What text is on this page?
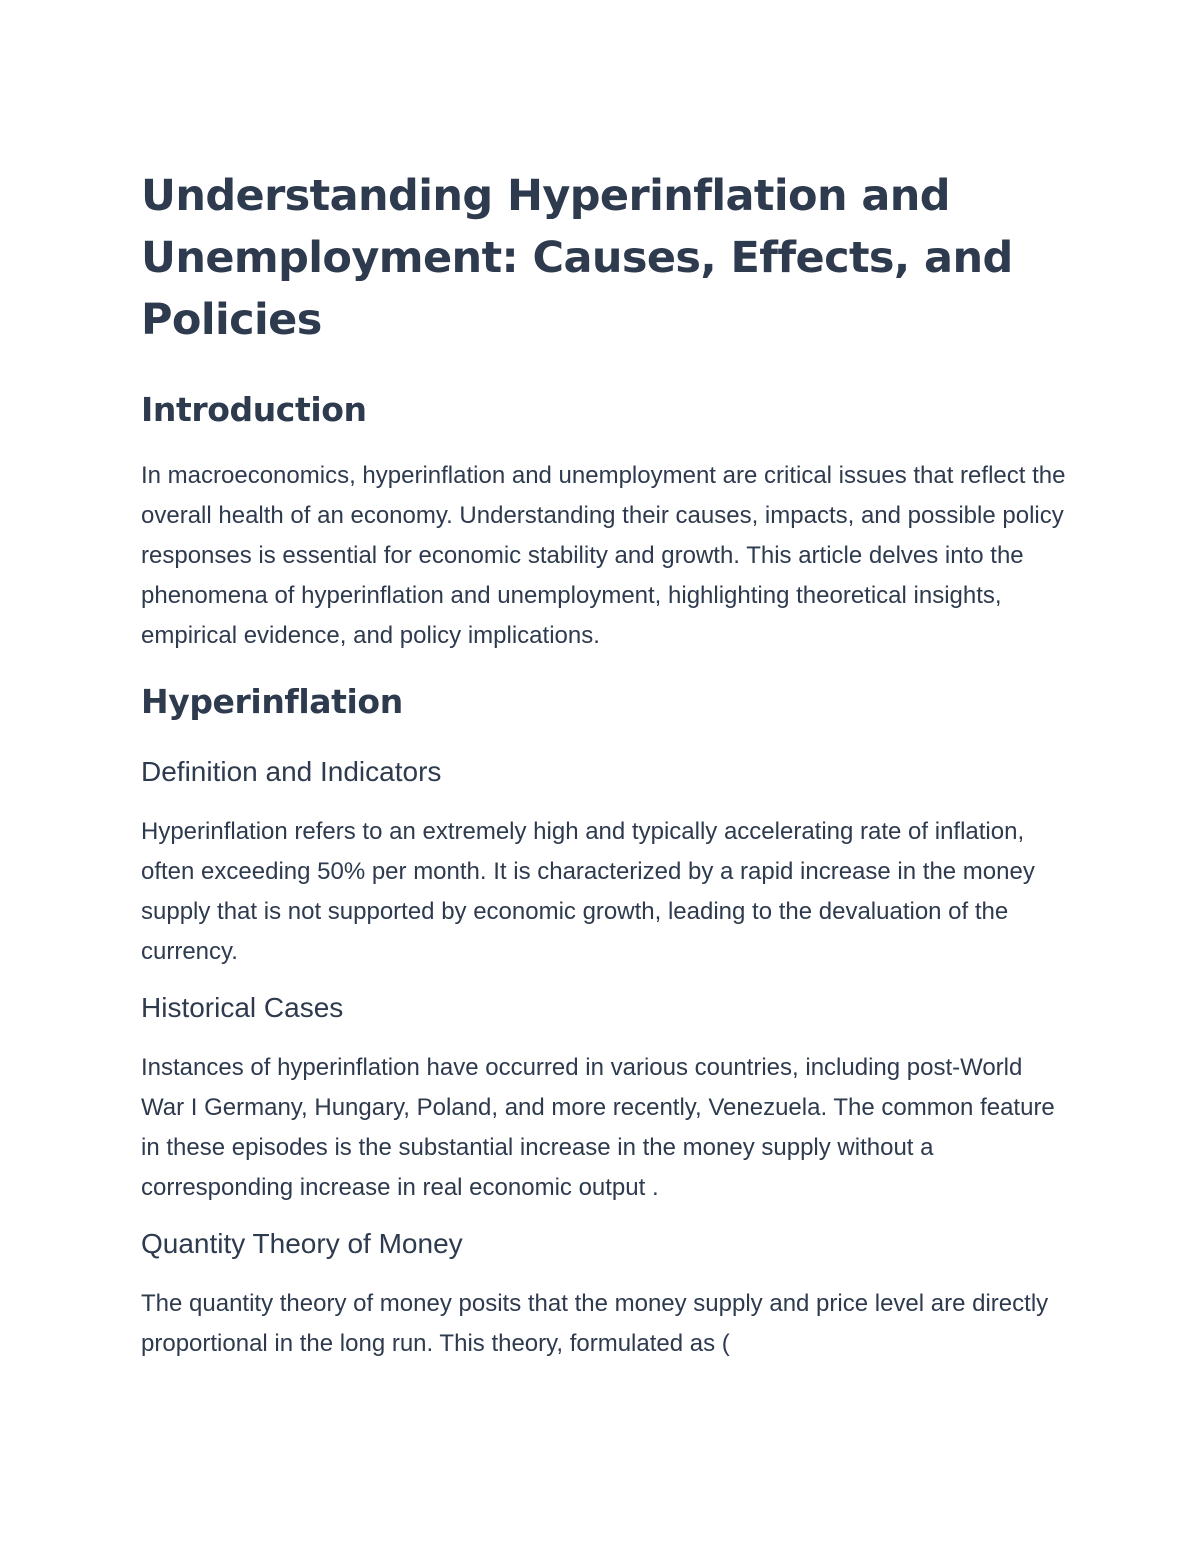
Understanding Hyperinflation and Unemployment: Causes, Effects, and Policies
Introduction

In macroeconomics, hyperinflation and unemployment are critical issues that reflect the overall health of an economy. Understanding their causes, impacts, and possible policy responses is essential for economic stability and growth. This article delves into the phenomena of hyperinflation and unemployment, highlighting theoretical insights, empirical evidence, and policy implications.

Hyperinflation
Definition and Indicators

Hyperinflation refers to an extremely high and typically accelerating rate of inflation, often exceeding 50% per month. It is characterized by a rapid increase in the money supply that is not supported by economic growth, leading to the devaluation of the currency.

Historical Cases

Instances of hyperinflation have occurred in various countries, including post-World War I Germany, Hungary, Poland, and more recently, Venezuela. The common feature in these episodes is the substantial increase in the money supply without a corresponding increase in real economic output .

Quantity Theory of Money

The quantity theory of money posits that the money supply and price level are directly proportional in the long run. This theory, formulated as (
